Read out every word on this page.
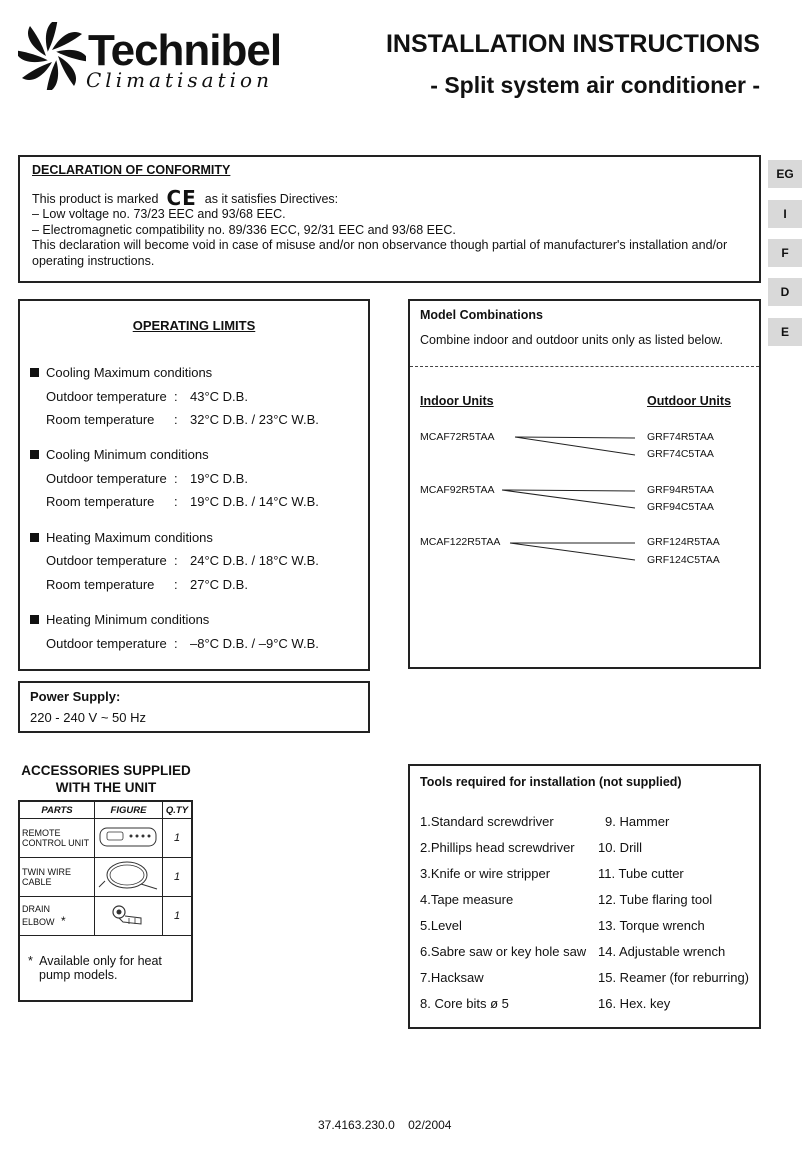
Technibel
Climatisation
INSTALLATION INSTRUCTIONS
- Split system air conditioner -
EG
I
F
D
E

DECLARATION OF CONFORMITY

This product is marked CE as it satisfies Directives:

– Low voltage no. 73/23 EEC and 93/68 EEC.

– Electromagnetic compatibility no. 89/336 ECC, 92/31 EEC and 93/68 EEC.

This declaration will become void in case of misuse and/or non observance though partial of manufacturer's installation and/or operating instructions.

OPERATING LIMITS
Cooling Maximum conditions
Outdoor temperature : 43°C D.B.
Room temperature : 32°C D.B. / 23°C W.B.
Cooling Minimum conditions
Outdoor temperature : 19°C D.B.
Room temperature : 19°C D.B. / 14°C W.B.
Heating Maximum conditions
Outdoor temperature : 24°C D.B. / 18°C W.B.
Room temperature : 27°C D.B.
Heating Minimum conditions
Outdoor temperature : –8°C D.B. / –9°C W.B.
Power Supply:
220 - 240 V ~ 50 Hz
Model Combinations
Combine indoor and outdoor units only as listed below.
Indoor Units	Outdoor Units
MCAF72R5TAA	GRF74R5TAA
GRF74C5TAA
MCAF92R5TAA	GRF94R5TAA
GRF94C5TAA
MCAF122R5TAA	GRF124R5TAA
GRF124C5TAA
ACCESSORIES SUPPLIED
WITH THE UNIT
PARTS	FIGURE	Q.TY

REMOTE
CONTROL UNIT		1

TWIN WIRE CABLE		1

DRAIN
ELBOW *		1
* Available only for heat
pump models.
Tools required for installation (not supplied)
1.Standard screwdriver
2.Phillips head screwdriver
3.Knife or wire stripper
4.Tape measure
5.Level
6.Sabre saw or key hole saw
7.Hacksaw
8. Core bits ø 5
9. Hammer
10. Drill
11. Tube cutter
12. Tube flaring tool
13. Torque wrench
14. Adjustable wrench
15. Reamer (for reburring)
16. Hex. key
37.4163.230.0 02/2004
